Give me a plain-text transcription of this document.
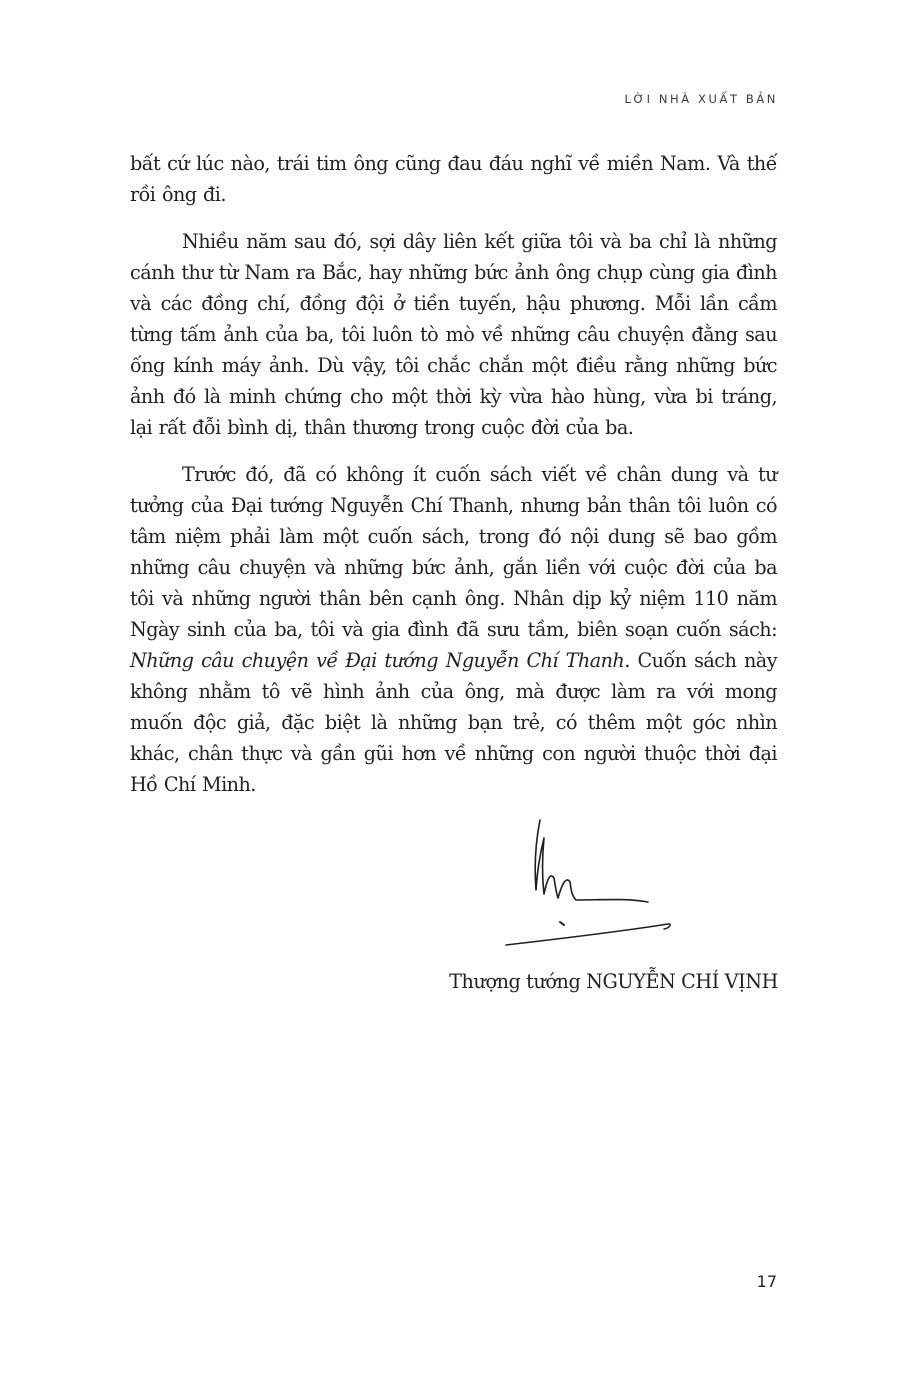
LỜI NHÀ XUẤT BẢN

bất cứ lúc nào, trái tim ông cũng đau đáu nghĩ về miền Nam. Và thế rồi ông đi.

Nhiều năm sau đó, sợi dây liên kết giữa tôi và ba chỉ là những cánh thư từ Nam ra Bắc, hay những bức ảnh ông chụp cùng gia đình và các đồng chí, đồng đội ở tiền tuyến, hậu phương. Mỗi lần cầm từng tấm ảnh của ba, tôi luôn tò mò về những câu chuyện đằng sau ống kính máy ảnh. Dù vậy, tôi chắc chắn một điều rằng những bức ảnh đó là minh chứng cho một thời kỳ vừa hào hùng, vừa bi tráng, lại rất đỗi bình dị, thân thương trong cuộc đời của ba.

Trước đó, đã có không ít cuốn sách viết về chân dung và tư tưởng của Đại tướng Nguyễn Chí Thanh, nhưng bản thân tôi luôn có tâm niệm phải làm một cuốn sách, trong đó nội dung sẽ bao gồm những câu chuyện và những bức ảnh, gắn liền với cuộc đời của ba tôi và những người thân bên cạnh ông. Nhân dịp kỷ niệm 110 năm Ngày sinh của ba, tôi và gia đình đã sưu tầm, biên soạn cuốn sách: Những câu chuyện về Đại tướng Nguyễn Chí Thanh. Cuốn sách này không nhằm tô vẽ hình ảnh của ông, mà được làm ra với mong muốn độc giả, đặc biệt là những bạn trẻ, có thêm một góc nhìn khác, chân thực và gần gũi hơn về những con người thuộc thời đại Hồ Chí Minh.

Thượng tướng NGUYỄN CHÍ VỊNH
17
